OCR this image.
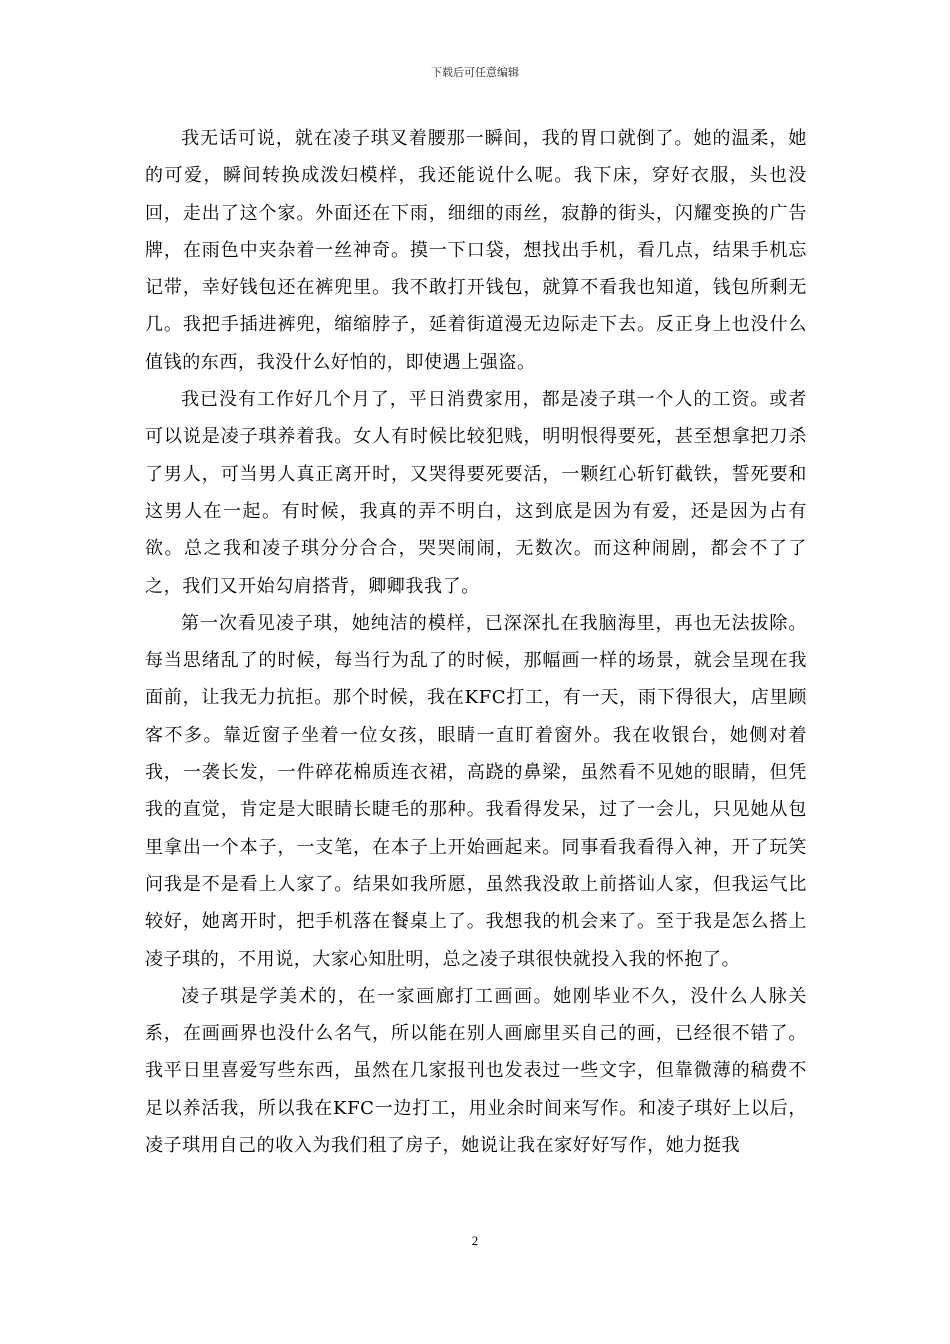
下载后可任意编辑

我无话可说，就在凌子琪叉着腰那一瞬间，我的胃口就倒了。她的温柔，她的可爱，瞬间转换成泼妇模样，我还能说什么呢。我下床，穿好衣服，头也没回，走出了这个家。外面还在下雨，细细的雨丝，寂静的街头，闪耀变换的广告牌，在雨色中夹杂着一丝神奇。摸一下口袋，想找出手机，看几点，结果手机忘记带，幸好钱包还在裤兜里。我不敢打开钱包，就算不看我也知道，钱包所剩无几。我把手插进裤兜，缩缩脖子，延着街道漫无边际走下去。反正身上也没什么值钱的东西，我没什么好怕的，即使遇上强盗。

我已没有工作好几个月了，平日消费家用，都是凌子琪一个人的工资。或者可以说是凌子琪养着我。女人有时候比较犯贱，明明恨得要死，甚至想拿把刀杀了男人，可当男人真正离开时，又哭得要死要活，一颗红心斩钉截铁，誓死要和这男人在一起。有时候，我真的弄不明白，这到底是因为有爱，还是因为占有欲。总之我和凌子琪分分合合，哭哭闹闹，无数次。而这种闹剧，都会不了了之，我们又开始勾肩搭背，卿卿我我了。

第一次看见凌子琪，她纯洁的模样，已深深扎在我脑海里，再也无法拔除。每当思绪乱了的时候，每当行为乱了的时候，那幅画一样的场景，就会呈现在我面前，让我无力抗拒。那个时候，我在KFC打工，有一天，雨下得很大，店里顾客不多。靠近窗子坐着一位女孩，眼睛一直盯着窗外。我在收银台，她侧对着我，一袭长发，一件碎花棉质连衣裙，高跷的鼻梁，虽然看不见她的眼睛，但凭我的直觉，肯定是大眼睛长睫毛的那种。我看得发呆，过了一会儿，只见她从包里拿出一个本子，一支笔，在本子上开始画起来。同事看我看得入神，开了玩笑问我是不是看上人家了。结果如我所愿，虽然我没敢上前搭讪人家，但我运气比较好，她离开时，把手机落在餐桌上了。我想我的机会来了。至于我是怎么搭上凌子琪的，不用说，大家心知肚明，总之凌子琪很快就投入我的怀抱了。

凌子琪是学美术的，在一家画廊打工画画。她刚毕业不久，没什么人脉关系，在画画界也没什么名气，所以能在别人画廊里买自己的画，已经很不错了。我平日里喜爱写些东西，虽然在几家报刊也发表过一些文字，但靠微薄的稿费不足以养活我，所以我在KFC一边打工，用业余时间来写作。和凌子琪好上以后，凌子琪用自己的收入为我们租了房子，她说让我在家好好写作，她力挺我

2
